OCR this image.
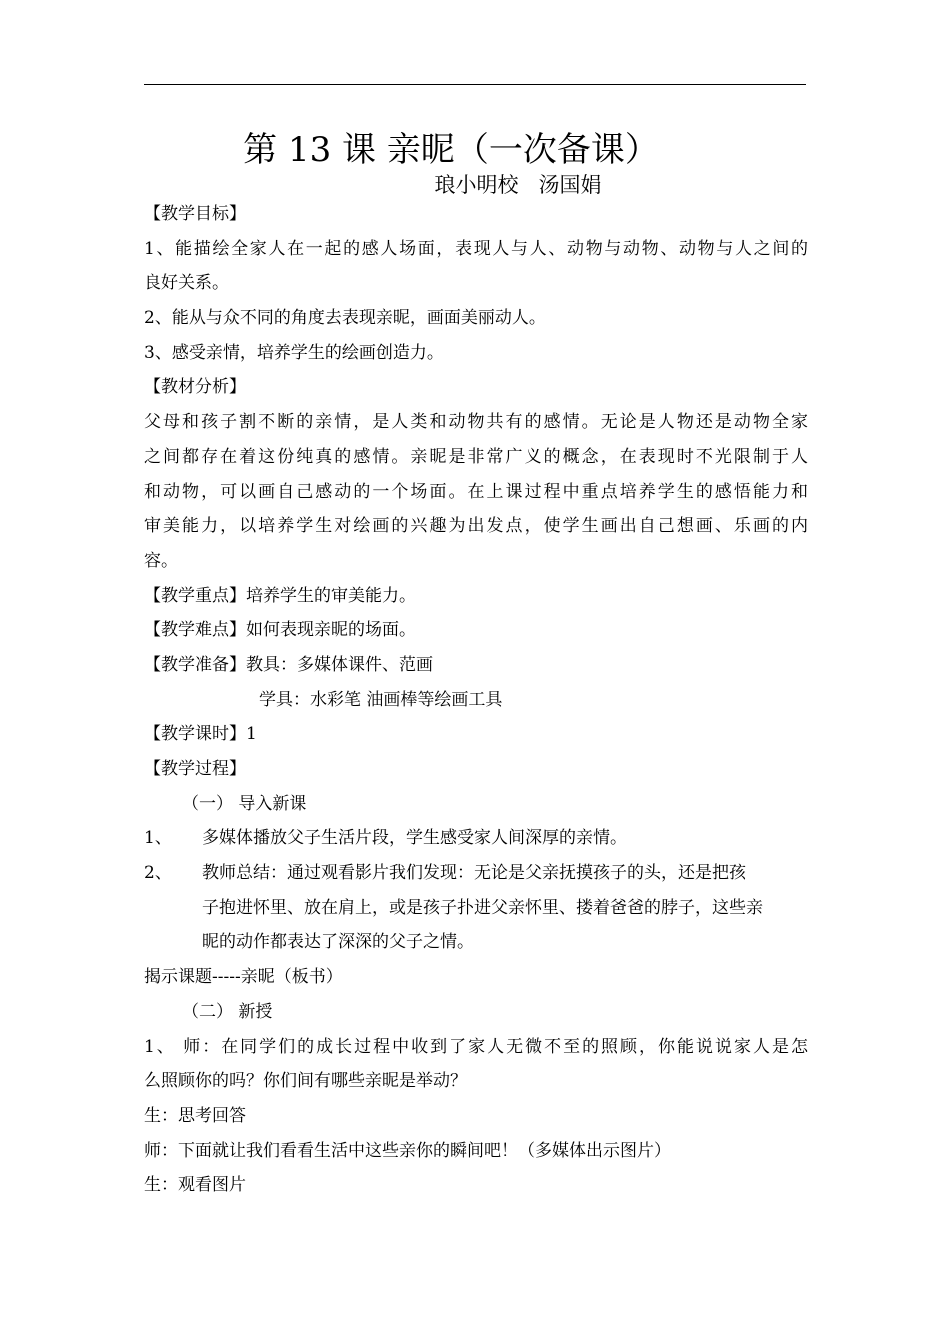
第 13 课 亲昵（一次备课）
琅小明校   汤国娟
【教学目标】
1、能描绘全家人在一起的感人场面，表现人与人、动物与动物、动物与人之间的
良好关系。
2、能从与众不同的角度去表现亲昵，画面美丽动人。
3、感受亲情，培养学生的绘画创造力。
【教材分析】
父母和孩子割不断的亲情，是人类和动物共有的感情。无论是人物还是动物全家
之间都存在着这份纯真的感情。亲昵是非常广义的概念，在表现时不光限制于人
和动物，可以画自己感动的一个场面。在上课过程中重点培养学生的感悟能力和
审美能力，以培养学生对绘画的兴趣为出发点，使学生画出自己想画、乐画的内
容。
【教学重点】培养学生的审美能力。
【教学难点】如何表现亲昵的场面。
【教学准备】教具：多媒体课件、范画
学具：水彩笔 油画棒等绘画工具
【教学课时】1
【教学过程】
（一） 导入新课
1、 多媒体播放父子生活片段，学生感受家人间深厚的亲情。
2、 教师总结：通过观看影片我们发现：无论是父亲抚摸孩子的头，还是把孩
子抱进怀里、放在肩上，或是孩子扑进父亲怀里、搂着爸爸的脖子，这些亲
昵的动作都表达了深深的父子之情。
揭示课题-----亲昵（板书）
（二） 新授
1、 师：在同学们的成长过程中收到了家人无微不至的照顾，你能说说家人是怎
么照顾你的吗？你们间有哪些亲昵是举动？
生：思考回答
师：下面就让我们看看生活中这些亲你的瞬间吧！（多媒体出示图片）
生：观看图片
